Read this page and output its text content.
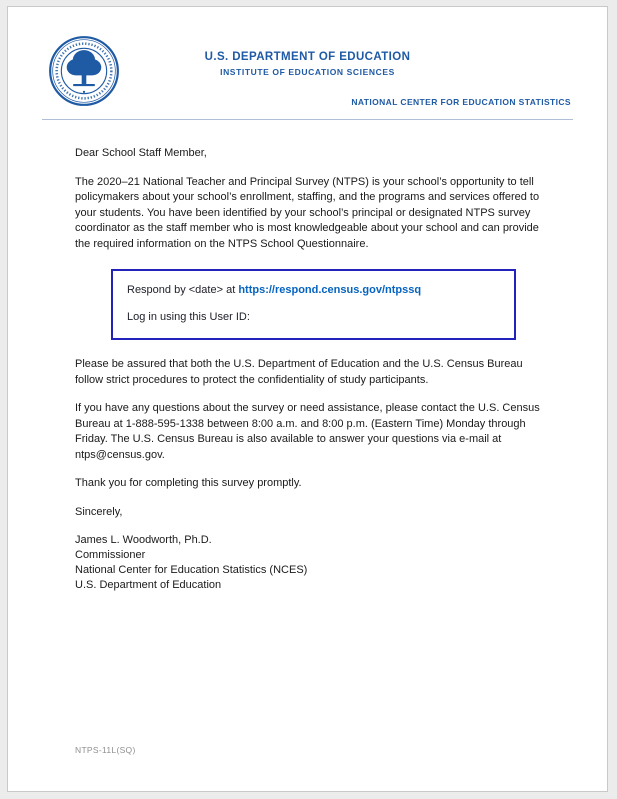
U.S. DEPARTMENT OF EDUCATION
INSTITUTE OF EDUCATION SCIENCES
NATIONAL CENTER FOR EDUCATION STATISTICS

Dear School Staff Member,

The 2020–21 National Teacher and Principal Survey (NTPS) is your school’s opportunity to tell policymakers about your school’s enrollment, staffing, and the programs and services offered to your students. You have been identified by your school’s principal or designated NTPS survey coordinator as the staff member who is most knowledgeable about your school and can provide the required information on the NTPS School Questionnaire.

Respond by <date> at https://respond.census.gov/ntpssq
Log in using this User ID:

Please be assured that both the U.S. Department of Education and the U.S. Census Bureau follow strict procedures to protect the confidentiality of study participants.

If you have any questions about the survey or need assistance, please contact the U.S. Census Bureau at 1-888-595-1338 between 8:00 a.m. and 8:00 p.m. (Eastern Time) Monday through Friday. The U.S. Census Bureau is also available to answer your questions via e-mail at ntps@census.gov.

Thank you for completing this survey promptly.

Sincerely,

James L. Woodworth, Ph.D.
Commissioner
National Center for Education Statistics (NCES)
U.S. Department of Education
NTPS-11L(SQ)
